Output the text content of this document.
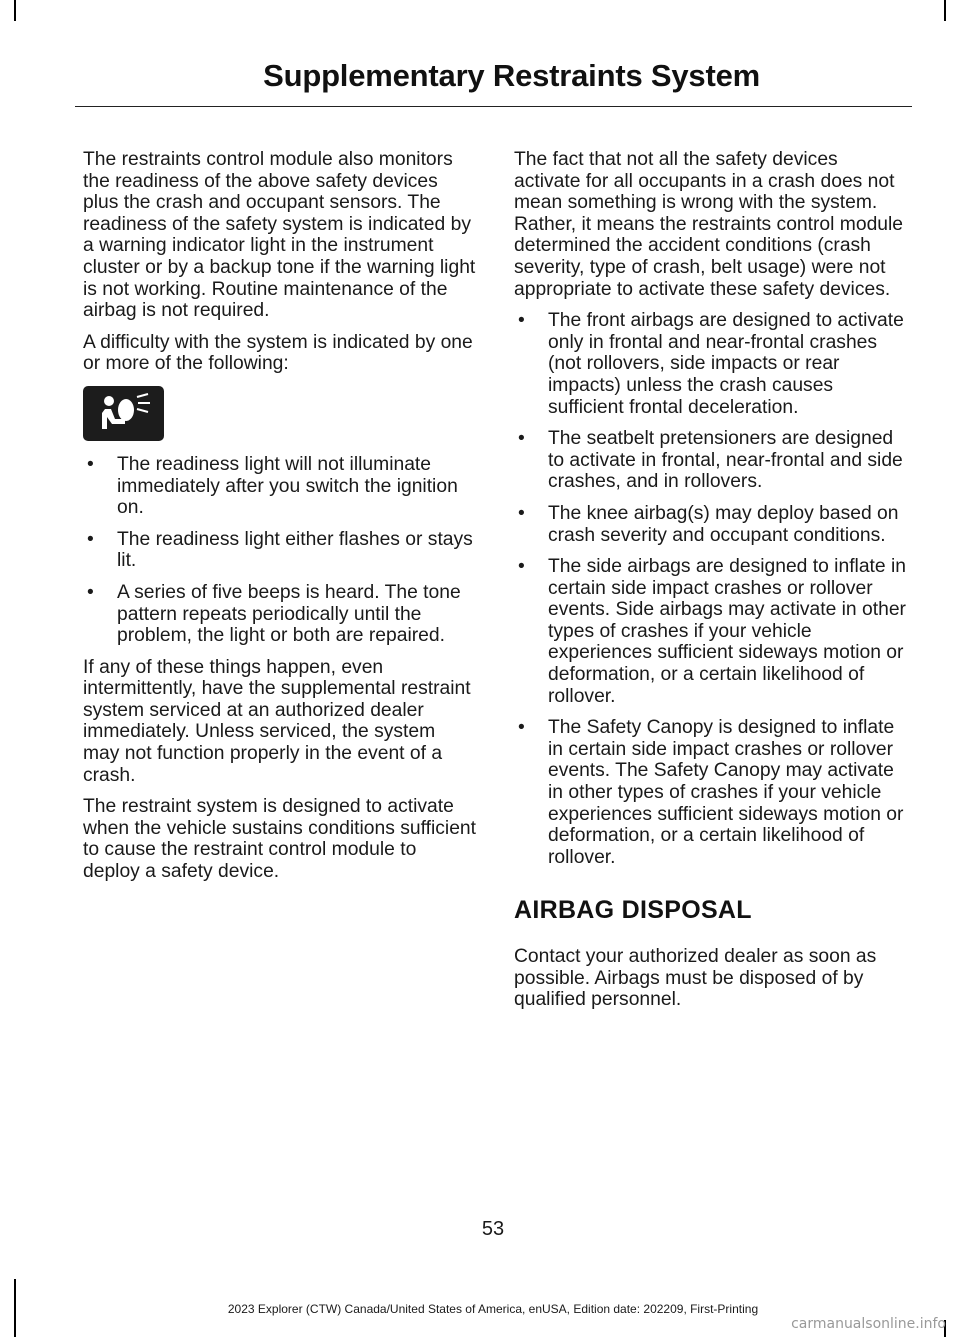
Supplementary Restraints System

The restraints control module also monitors the readiness of the above safety devices plus the crash and occupant sensors. The readiness of the safety system is indicated by a warning indicator light in the instrument cluster or by a backup tone if the warning light is not working. Routine maintenance of the airbag is not required.

A difficulty with the system is indicated by one or more of the following:

• The readiness light will not illuminate immediately after you switch the ignition on.
• The readiness light either flashes or stays lit.
• A series of five beeps is heard. The tone pattern repeats periodically until the problem, the light or both are repaired.

If any of these things happen, even intermittently, have the supplemental restraint system serviced at an authorized dealer immediately. Unless serviced, the system may not function properly in the event of a crash.

The restraint system is designed to activate when the vehicle sustains conditions sufficient to cause the restraint control module to deploy a safety device.

The fact that not all the safety devices activate for all occupants in a crash does not mean something is wrong with the system. Rather, it means the restraints control module determined the accident conditions (crash severity, type of crash, belt usage) were not appropriate to activate these safety devices.

• The front airbags are designed to activate only in frontal and near-frontal crashes (not rollovers, side impacts or rear impacts) unless the crash causes sufficient frontal deceleration.
• The seatbelt pretensioners are designed to activate in frontal, near-frontal and side crashes, and in rollovers.
• The knee airbag(s) may deploy based on crash severity and occupant conditions.
• The side airbags are designed to inflate in certain side impact crashes or rollover events. Side airbags may activate in other types of crashes if your vehicle experiences sufficient sideways motion or deformation, or a certain likelihood of rollover.
• The Safety Canopy is designed to inflate in certain side impact crashes or rollover events. The Safety Canopy may activate in other types of crashes if your vehicle experiences sufficient sideways motion or deformation, or a certain likelihood of rollover.
AIRBAG DISPOSAL

Contact your authorized dealer as soon as possible. Airbags must be disposed of by qualified personnel.

53
2023 Explorer (CTW) Canada/United States of America, enUSA, Edition date: 202209, First-Printing
carmanualsonline.info
